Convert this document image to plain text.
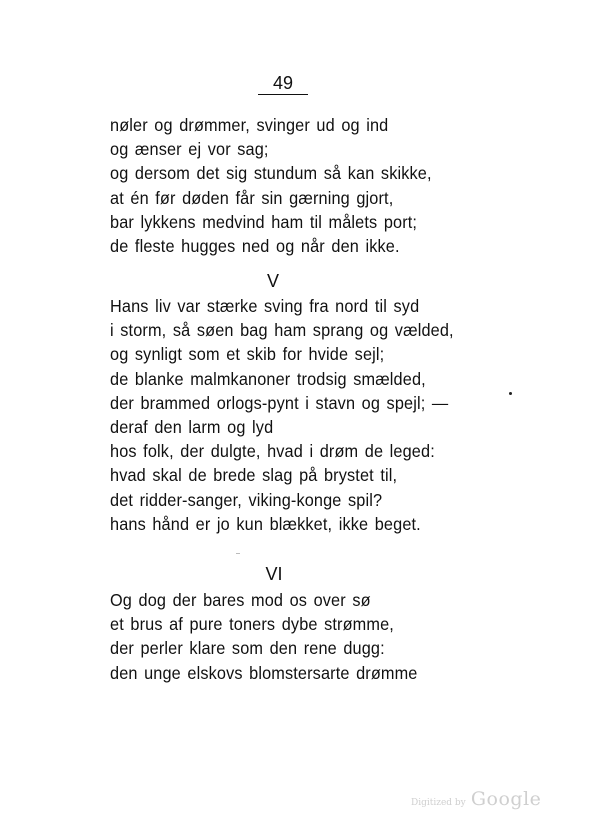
49
nøler og drømmer, svinger ud og ind
og ænser ej vor sag;
og dersom det sig stundum så kan skikke,
at én før døden får sin gærning gjort,
bar lykkens medvind ham til målets port;
de fleste hugges ned og når den ikke.
V
Hans liv var stærke sving fra nord til syd
i storm, så søen bag ham sprang og vælded,
og synligt som et skib for hvide sejl;
de blanke malmkanoner trodsig smælded,
der brammed orlogs-pynt i stavn og spejl; —
deraf den larm og lyd
hos folk, der dulgte, hvad i drøm de leged:
hvad skal de brede slag på brystet til,
det ridder-sanger, viking-konge spil?
hans hånd er jo kun blækket, ikke beget.
VI
Og dog der bares mod os over sø
et brus af pure toners dybe strømme,
der perler klare som den rene dugg:
den unge elskovs blomstersarte drømme
Digitized by Google
